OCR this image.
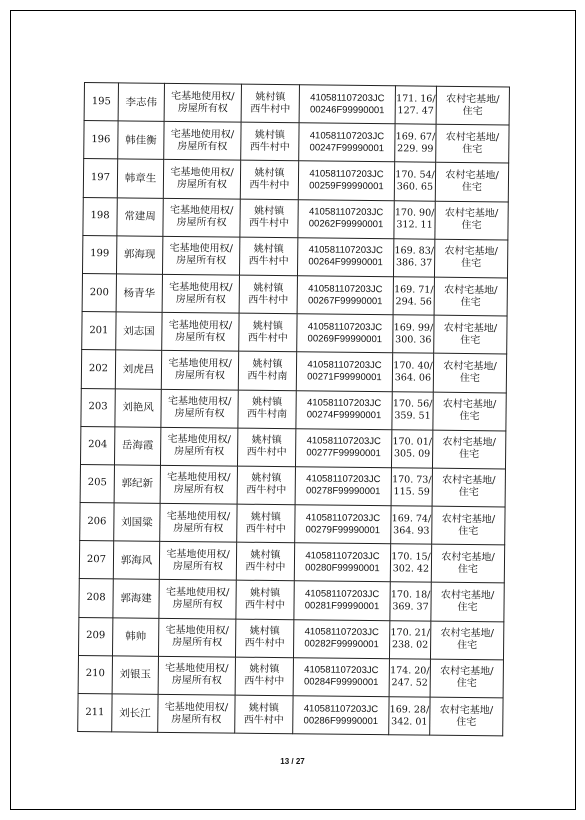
195	李志伟	宅基地使用权/
房屋所有权	姚村镇
西牛村中	410581107203JC
00246F99990001	171. 16/
127. 47	农村宅基地/
住宅

196	韩佳衡	宅基地使用权/
房屋所有权	姚村镇
西牛村中	410581107203JC
00247F99990001	169. 67/
229. 99	农村宅基地/
住宅

197	韩章生	宅基地使用权/
房屋所有权	姚村镇
西牛村中	410581107203JC
00259F99990001	170. 54/
360. 65	农村宅基地/
住宅

198	常建周	宅基地使用权/
房屋所有权	姚村镇
西牛村中	410581107203JC
00262F99990001	170. 90/
312. 11	农村宅基地/
住宅

199	郭海现	宅基地使用权/
房屋所有权	姚村镇
西牛村中	410581107203JC
00264F99990001	169. 83/
386. 37	农村宅基地/
住宅

200	杨青华	宅基地使用权/
房屋所有权	姚村镇
西牛村中	410581107203JC
00267F99990001	169. 71/
294. 56	农村宅基地/
住宅

201	刘志国	宅基地使用权/
房屋所有权	姚村镇
西牛村中	410581107203JC
00269F99990001	169. 99/
300. 36	农村宅基地/
住宅

202	刘虎昌	宅基地使用权/
房屋所有权	姚村镇
西牛村南	410581107203JC
00271F99990001	170. 40/
364. 06	农村宅基地/
住宅

203	刘艳风	宅基地使用权/
房屋所有权	姚村镇
西牛村南	410581107203JC
00274F99990001	170. 56/
359. 51	农村宅基地/
住宅

204	岳海霞	宅基地使用权/
房屋所有权	姚村镇
西牛村中	410581107203JC
00277F99990001	170. 01/
305. 09	农村宅基地/
住宅

205	郭纪新	宅基地使用权/
房屋所有权	姚村镇
西牛村中	410581107203JC
00278F99990001	170. 73/
115. 59	农村宅基地/
住宅

206	刘国粱	宅基地使用权/
房屋所有权	姚村镇
西牛村中	410581107203JC
00279F99990001	169. 74/
364. 93	农村宅基地/
住宅

207	郭海风	宅基地使用权/
房屋所有权	姚村镇
西牛村中	410581107203JC
00280F99990001	170. 15/
302. 42	农村宅基地/
住宅

208	郭海建	宅基地使用权/
房屋所有权	姚村镇
西牛村中	410581107203JC
00281F99990001	170. 18/
369. 37	农村宅基地/
住宅

209	韩帅	宅基地使用权/
房屋所有权	姚村镇
西牛村中	410581107203JC
00282F99990001	170. 21/
238. 02	农村宅基地/
住宅

210	刘银玉	宅基地使用权/
房屋所有权	姚村镇
西牛村中	410581107203JC
00284F99990001	174. 20/
247. 52	农村宅基地/
住宅

211	刘长江	宅基地使用权/
房屋所有权	姚村镇
西牛村中	410581107203JC
00286F99990001	169. 28/
342. 01	农村宅基地/
住宅
13 / 27
